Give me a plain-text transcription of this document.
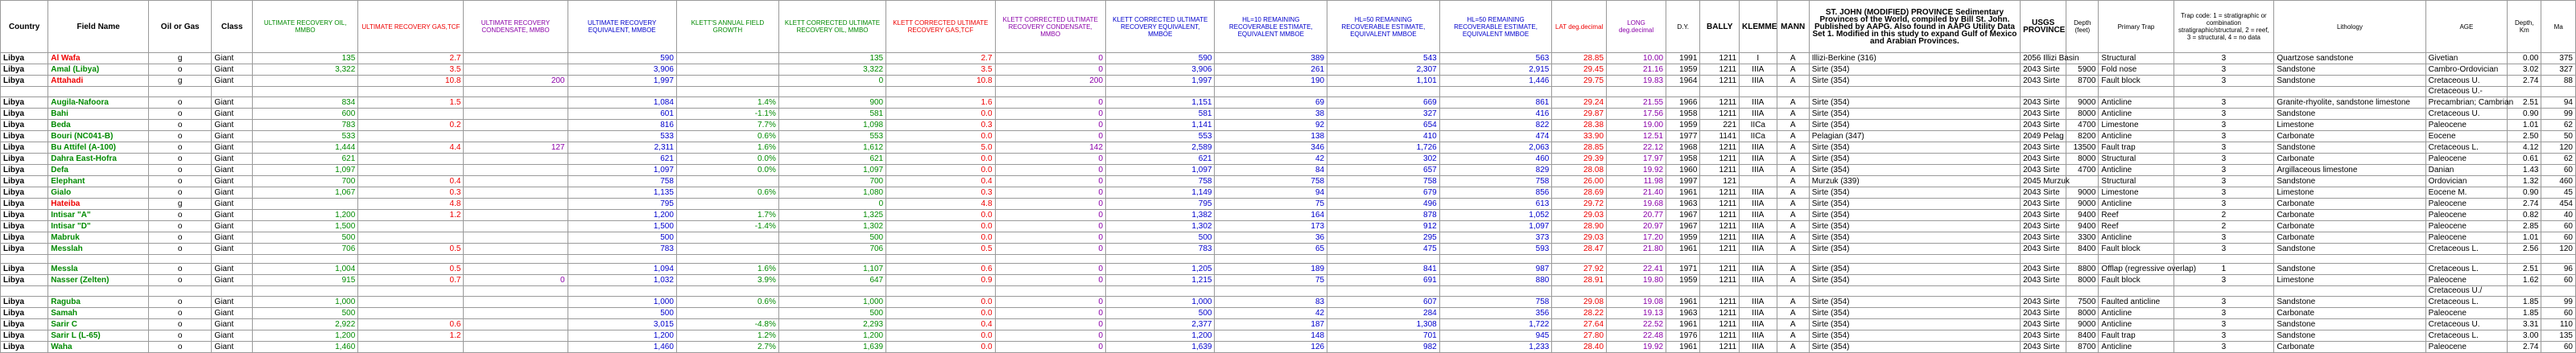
Country	Field Name	Oil or Gas	Class	ULTIMATE RECOVERY OIL, MMBO	ULTIMATE RECOVERY GAS,TCF	ULTIMATE RECOVERY CONDENSATE, MMBO	ULTIMATE RECOVERY EQUIVALENT, MMBOE	KLETT'S ANNUAL FIELD GROWTH	KLETT CORRECTED ULTIMATE RECOVERY OIL, MMBO	KLETT CORRECTED ULTIMATE RECOVERY GAS,TCF	KLETT CORRECTED ULTIMATE RECOVERY CONDENSATE, MMBO	KLETT CORRECTED ULTIMATE RECOVERY EQUIVALENT, MMBOE	HL=10 REMAINING RECOVERABLE ESTIMATE, EQUIVALENT MMBOE	HL=50 REMAINING RECOVERABLE ESTIMATE, EQUIVALENT MMBOE	HL=50 REMAINING RECOVERABLE ESTIMATE, EQUIVALENT MMBOE	LAT deg.decimal	LONG deg.decimal	D.Y.	BALLY	KLEMME	MANN	ST. JOHN (MODIFIED) PROVINCE Sedimentary Provinces of the World, compiled by Bill St. John. Published by AAPG. Also found in AAPG Utility Data Set 1. Modified in this study to expand Gulf of Mexico and Arabian Provinces.	USGS PROVINCE	Depth (feet)	Primary Trap	Trap code: 1 = stratigraphic or combination stratigraphic/structural, 2 = reef, 3 = structural, 4 = no data	Lithology	AGE	Depth, Km	Ma
Libya	Al Wafa	g	Giant	135	2.7		590		135	2.7	0	590	389	543	563	28.85	10.00	1991	1211	I	A	Illizi-Berkine (316)	2056 Illizi Basin		Structural	3	Quartzose sandstone	Givetian	0.00	375
Libya	Amal (Libya)	o	Giant	3,322	3.5		3,906		3,322	3.5	0	3,906	261	2,307	2,915	29.45	21.16	1959	1211	IIIA	A	Sirte (354)	2043 Sirte	5900	Fold nose	3	Sandstone	Cambro-Ordovician	3.02	327
Libya	Attahadi	g	Giant		10.8	200	1,997		0	10.8	200	1,997	190	1,101	1,446	29.75	19.83	1964	1211	IIIA	A	Sirte (354)	2043 Sirte	8700	Fault block	3	Sandstone	Cretaceous U.	2.74	88
																												Cretaceous U.-		
Libya	Augila-Nafoora	o	Giant	834	1.5		1,084	1.4%	900	1.6	0	1,151	69	669	861	29.24	21.55	1966	1211	IIIA	A	Sirte (354)	2043 Sirte	9000	Anticline	3	Granite-rhyolite, sandstone limestone	Precambrian; Cambrian	2.51	94
Libya	Bahi	o	Giant	600			601	-1.1%	581	0.0	0	581	38	327	416	29.87	17.56	1958	1211	IIIA	A	Sirte (354)	2043 Sirte	8000	Anticline	3	Sandstone	Cretaceous U.	0.90	99
Libya	Beda	o	Giant	783	0.2		816	7.7%	1,098	0.3	0	1,141	92	654	822	28.38	19.00	1959	221	IICa	A	Sirte (354)	2043 Sirte	4700	Limestone	3	Limestone	Paleocene	1.01	62
Libya	Bouri (NC041-B)	o	Giant	533			533	0.6%	553	0.0	0	553	138	410	474	33.90	12.51	1977	1141	IICa	A	Pelagian (347)	2049 Pelag	8200	Anticline	3	Carbonate	Eocene	2.50	50
Libya	Bu Attifel (A-100)	o	Giant	1,444	4.4	127	2,311	1.6%	1,612	5.0	142	2,589	346	1,726	2,063	28.85	22.12	1968	1211	IIIA	A	Sirte (354)	2043 Sirte	13500	Fault trap	3	Sandstone	Cretaceous L.	4.12	120
Libya	Dahra East-Hofra	o	Giant	621			621	0.0%	621	0.0	0	621	42	302	460	29.39	17.97	1958	1211	IIIA	A	Sirte (354)	2043 Sirte	8000	Structural	3	Carbonate	Paleocene	0.61	62
Libya	Defa	o	Giant	1,097			1,097	0.0%	1,097	0.0	0	1,097	84	657	829	28.08	19.92	1960	1211	IIIA	A	Sirte (354)	2043 Sirte	4700	Anticline	3	Argillaceous limestone	Danian	1.43	60
Libya	Elephant	o	Giant	700	0.4		758		700	0.4	0	758	758	758	758	26.00	11.98	1997	121		A	Murzuk (339)	2045 Murzuk		Structural	3	Sandstone	Ordovician	1.32	460
Libya	Gialo	o	Giant	1,067	0.3		1,135	0.6%	1,080	0.3	0	1,149	94	679	856	28.69	21.40	1961	1211	IIIA	A	Sirte (354)	2043 Sirte	9000	Limestone	3	Limestone	Eocene M.	0.90	45
Libya	Hateiba	g	Giant		4.8		795		0	4.8	0	795	75	496	613	29.72	19.68	1963	1211	IIIA	A	Sirte (354)	2043 Sirte	9000	Anticline	3	Carbonate	Paleocene	2.74	454
Libya	Intisar "A"	o	Giant	1,200	1.2		1,200	1.7%	1,325	0.0	0	1,382	164	878	1,052	29.03	20.77	1967	1211	IIIA	A	Sirte (354)	2043 Sirte	9400	Reef	2	Carbonate	Paleocene	0.82	40
Libya	Intisar "D"	o	Giant	1,500			1,500	-1.4%	1,302	0.0	0	1,302	173	912	1,097	28.90	20.97	1967	1211	IIIA	A	Sirte (354)	2043 Sirte	9400	Reef	2	Carbonate	Paleocene	2.85	60
Libya	Mabruk	o	Giant	500			500		500	0.0	0	500	36	295	373	29.03	17.20	1959	1211	IIIA	A	Sirte (354)	2043 Sirte	3300	Anticline	3	Carbonate	Paleocene	1.01	60
Libya	Messlah	o	Giant	706	0.5		783		706	0.5	0	783	65	475	593	28.47	21.80	1961	1211	IIIA	A	Sirte (354)	2043 Sirte	8400	Fault block	3	Sandstone	Cretaceous L.	2.56	120

Libya	Messla	o	Giant	1,004	0.5		1,094	1.6%	1,107	0.6	0	1,205	189	841	987	27.92	22.41	1971	1211	IIIA	A	Sirte (354)	2043 Sirte	8800	Offlap (regressive overlap)	1	Sandstone	Cretaceous L.	2.51	96
Libya	Nasser (Zelten)	o	Giant	915	0.7	0	1,032	3.9%	647	0.9	0	1,215	75	691	880	28.91	19.80	1959	1211	IIIA	A	Sirte (354)	2043 Sirte	8000	Fault block	3	Limestone	Paleocene	1.62	60
																												Cretaceous U./		
Libya	Raguba	o	Giant	1,000			1,000	0.6%	1,000	0.0	0	1,000	83	607	758	29.08	19.08	1961	1211	IIIA	A	Sirte (354)	2043 Sirte	7500	Faulted anticline	3	Sandstone	Cretaceous L.	1.85	99
Libya	Samah	o	Giant	500			500		500	0.0	0	500	42	284	356	28.22	19.13	1963	1211	IIIA	A	Sirte (354)	2043 Sirte	8000	Anticline	3	Carbonate	Paleocene	1.85	60
Libya	Sarir C	o	Giant	2,922	0.6		3,015	-4.8%	2,293	0.4	0	2,377	187	1,308	1,722	27.64	22.52	1961	1211	IIIA	A	Sirte (354)	2043 Sirte	9000	Anticline	3	Sandstone	Cretaceous U.	3.31	110
Libya	Sarir L (L-65)	o	Giant	1,200	1.2		1,200	1.2%	1,200	0.0	0	1,200	148	701	945	27.80	22.48	1976	1211	IIIA	A	Sirte (354)	2043 Sirte	8400	Fault trap	3	Sandstone	Cretaceous L.	3.00	135
Libya	Waha	o	Giant	1,460			1,460	2.7%	1,639	0.0	0	1,639	126	982	1,233	28.40	19.92	1961	1211	IIIA	A	Sirte (354)	2043 Sirte	8700	Anticline	3	Carbonate	Paleocene	2.74	60
